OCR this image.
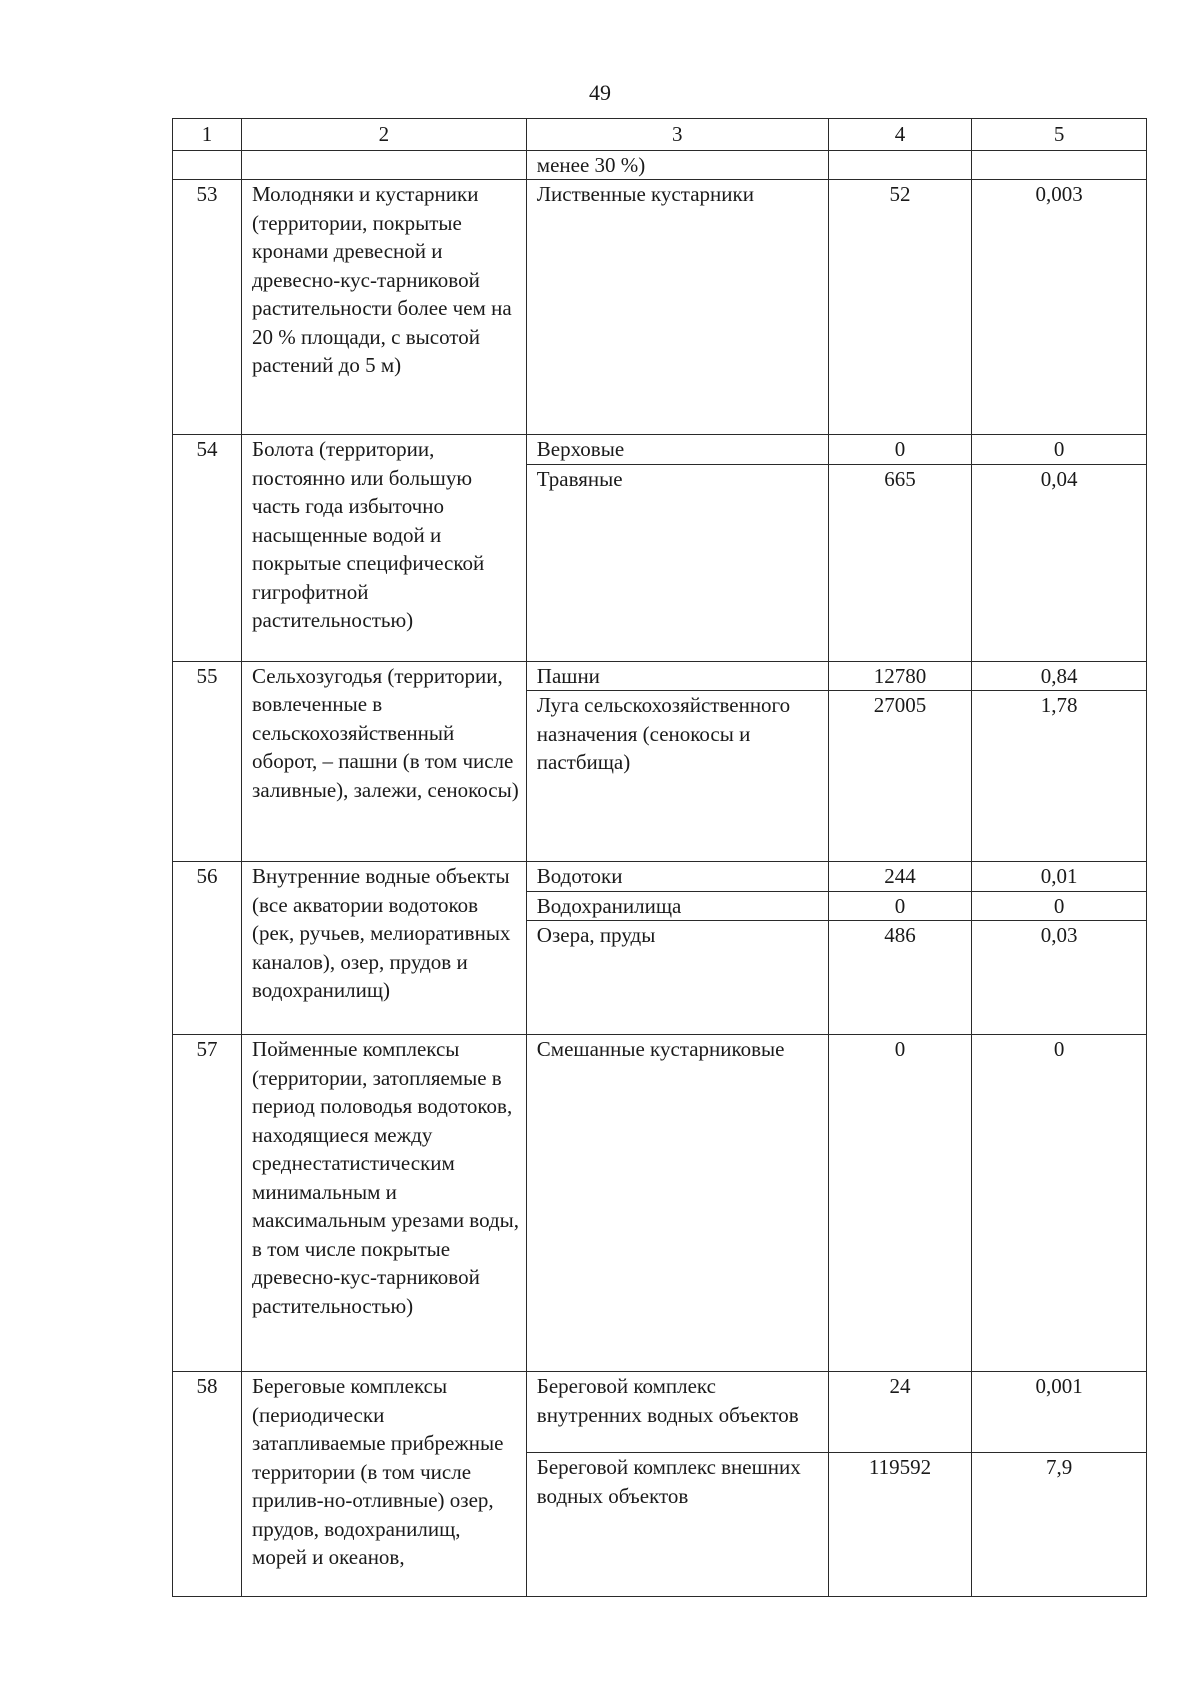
49
1	2	3	4	5
		менее 30 %)		
53	Молодняки и кустарники (территории, покрытые кронами древесной и древесно-кус-тарниковой растительности более чем на 20 % площади, с высотой растений до 5 м)	Лиственные кустарники	52	0,003
54	Болота (территории, постоянно или большую часть года избыточно насыщенные водой и покрытые специфической гигрофитной растительностью)	Верховые	0	0
		Травяные	665	0,04
55	Сельхозугодья (территории, вовлеченные в сельскохозяйственный оборот, – пашни (в том числе заливные), залежи, сенокосы)	Пашни	12780	0,84
		Луга сельскохозяйственного назначения (сенокосы и пастбища)	27005	1,78
56	Внутренние водные объекты (все акватории водотоков (рек, ручьев, мелиоративных каналов), озер, прудов и водохранилищ)	Водотоки	244	0,01
		Водохранилища	0	0
		Озера, пруды	486	0,03
57	Пойменные комплексы (территории, затопляемые в период половодья водотоков, находящиеся между среднестатистическим минимальным и максимальным урезами воды, в том числе покрытые древесно-кус-тарниковой растительностью)	Смешанные кустарниковые	0	0
58	Береговые комплексы (периодически затапливаемые прибрежные территории (в том числе прилив-но-отливные) озер, прудов, водохранилищ, морей и океанов,	Береговой комплекс внутренних водных объектов	24	0,001
		Береговой комплекс внешних водных объектов	119592	7,9
